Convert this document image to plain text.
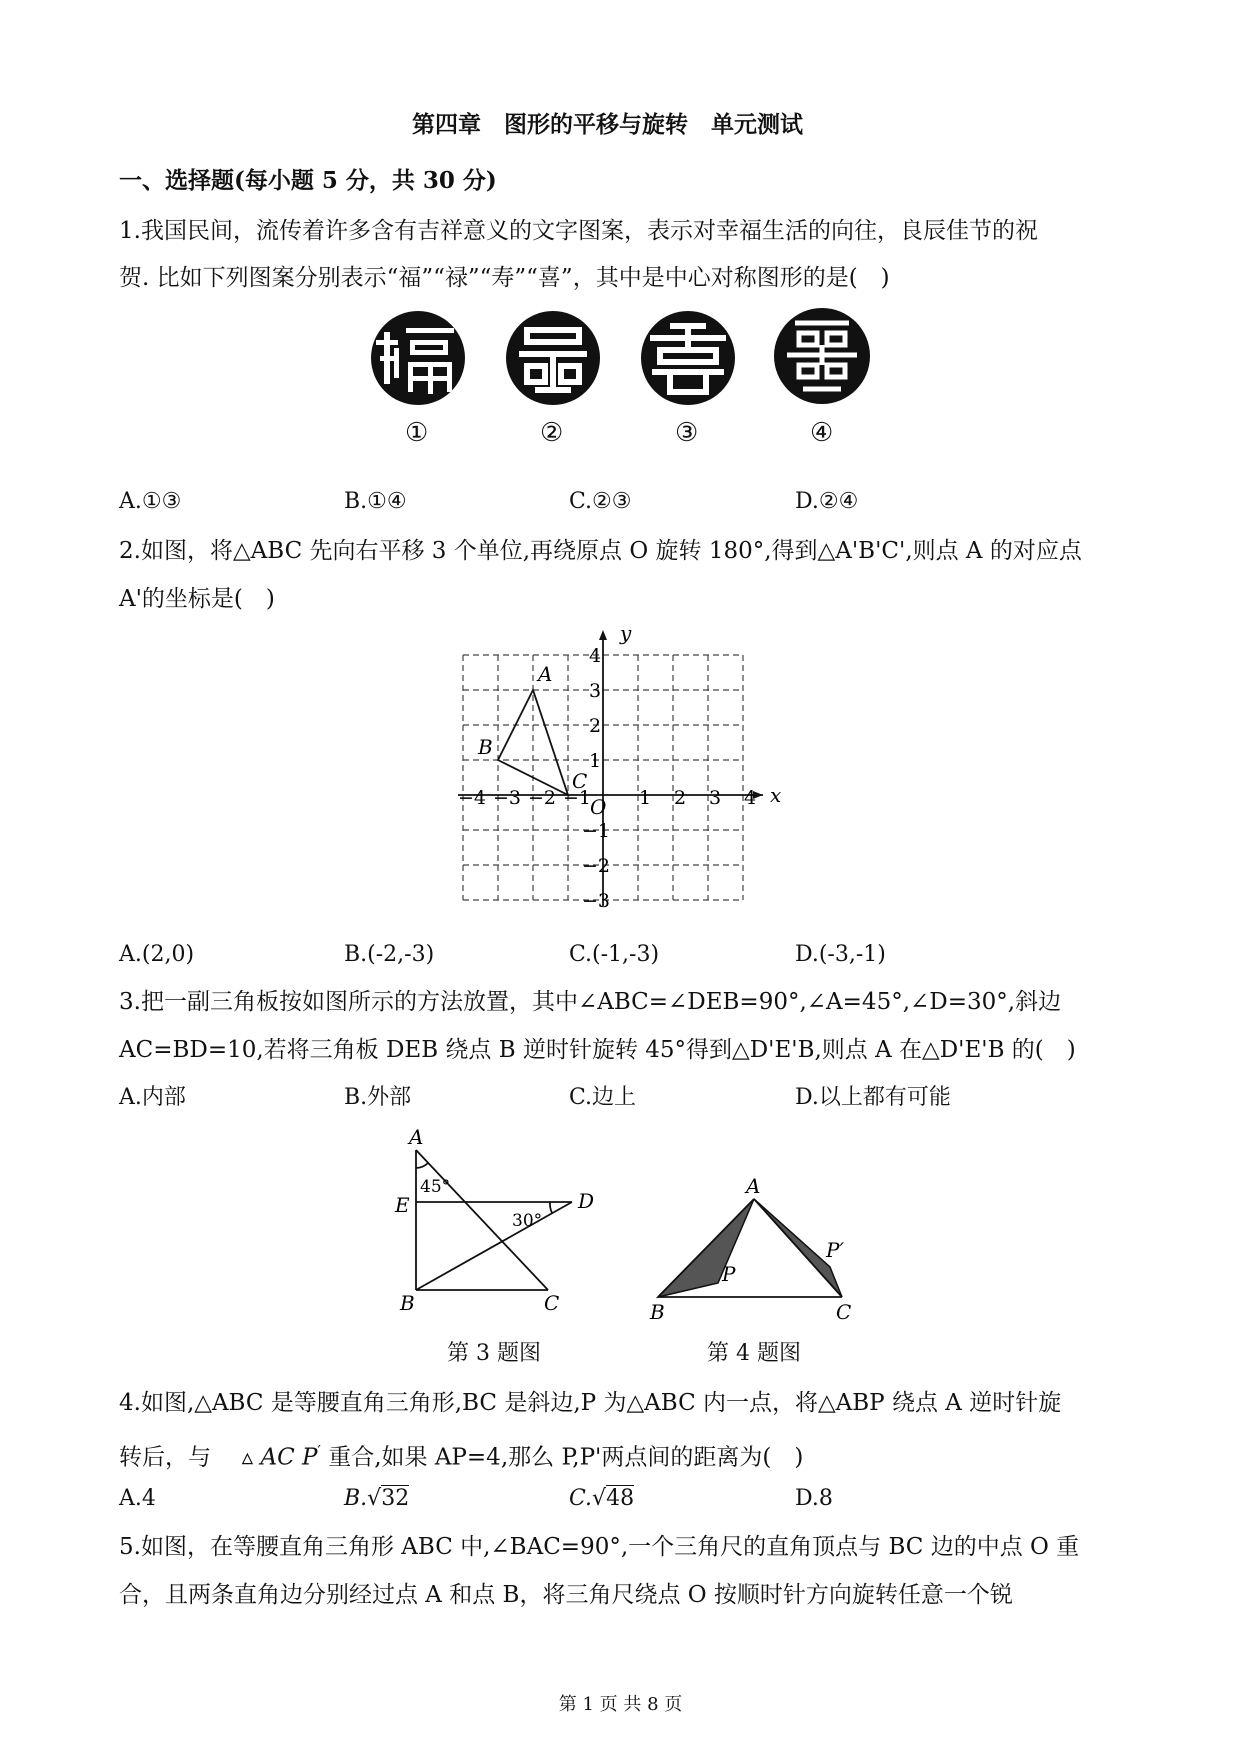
第四章　图形的平移与旋转　单元测试
一、选择题(每小题 5 分，共 30 分)
1.我国民间，流传着许多含有吉祥意义的文字图案，表示对幸福生活的向往，良辰佳节的祝
贺. 比如下列图案分别表示“福”“禄”“寿”“喜”，其中是中心对称图形的是(　)
①	②	③	④
A.①③	B.①④	C.②③	D.②④
2.如图，将△ABC 先向右平移 3 个单位,再绕原点 O 旋转 180°,得到△A'B'C',则点 A 的对应点
A'的坐标是(　)
y
x
O
−4 −3 −2 −1	1 2 3 4
4
3
2
1
−1
−2
−3
A
B
C
A.(2,0)	B.(-2,-3)	C.(-1,-3)	D.(-3,-1)
3.把一副三角板按如图所示的方法放置，其中∠ABC=∠DEB=90°,∠A=45°,∠D=30°,斜边
AC=BD=10,若将三角板 DEB 绕点 B 逆时针旋转 45°得到△D'E'B,则点 A 在△D'E'B 的(　)
A.内部	B.外部	C.边上	D.以上都有可能
A
E	D
B	C
45°
30°
第 3 题图
A
B	C
P
P′
第 4 题图
4.如图,△ABC 是等腰直角三角形,BC 是斜边,P 为△ABC 内一点，将△ABP 绕点 A 逆时针旋
转后，与 ▵ AC P′ 重合,如果 AP=4,那么 P,P'两点间的距离为(　)
A.4	B.√32	C.√48	D.8
5.如图，在等腰直角三角形 ABC 中,∠BAC=90°,一个三角尺的直角顶点与 BC 边的中点 O 重
合，且两条直角边分别经过点 A 和点 B，将三角尺绕点 O 按顺时针方向旋转任意一个锐
第 1 页 共 8 页
